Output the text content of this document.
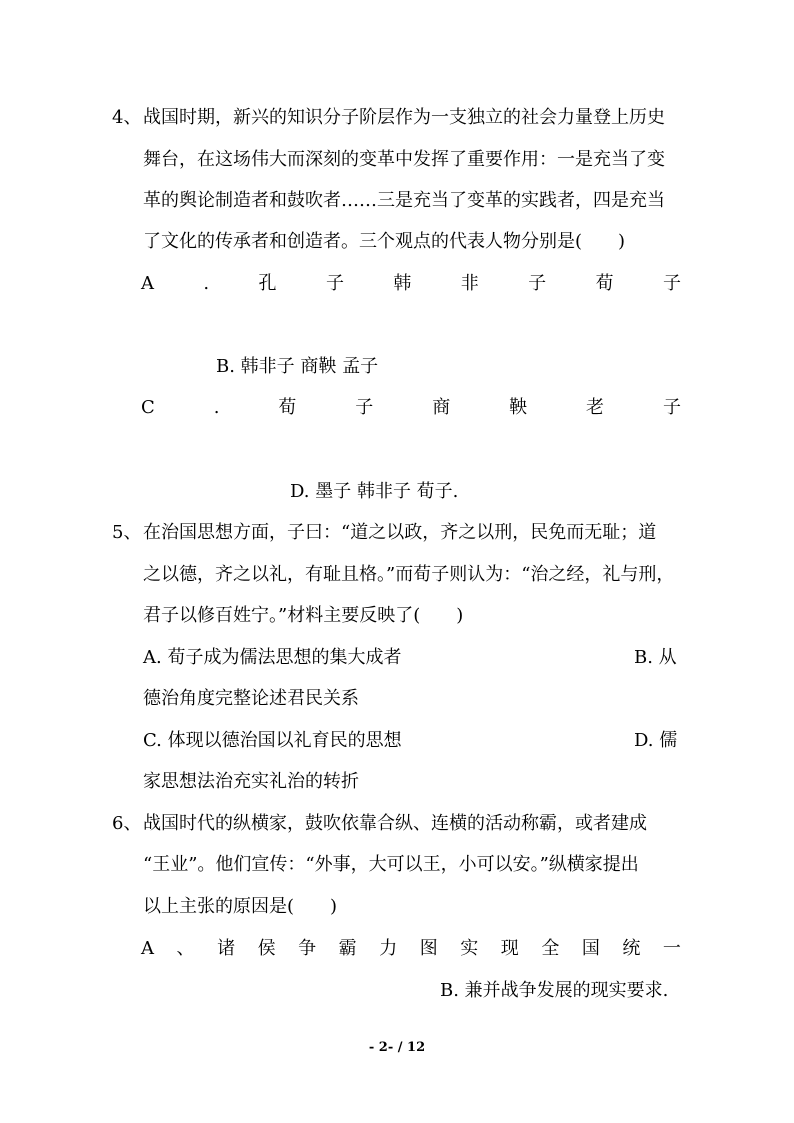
4、 战国时期，新兴的知识分子阶层作为一支独立的社会力量登上历史
舞台，在这场伟大而深刻的变革中发挥了重要作用：一是充当了变
革的舆论制造者和鼓吹者……三是充当了变革的实践者，四是充当
了文化的传承者和创造者。三个观点的代表人物分别是(　　)
A	.	孔	子	韩	非	子	荀	子
B. 韩非子 商鞅 孟子
C	.	荀	子	商	鞅	老	子
D. 墨子 韩非子 荀子.
5、 在治国思想方面，子曰：“道之以政，齐之以刑，民免而无耻；道
之以德，齐之以礼，有耻且格。”而荀子则认为：“治之经，礼与刑，
君子以修百姓宁。”材料主要反映了(　　)
A. 荀子成为儒法思想的集大成者	B. 从
德治角度完整论述君民关系
C. 体现以德治国以礼育民的思想	D. 儒
家思想法治充实礼治的转折
6、 战国时代的纵横家，鼓吹依靠合纵、连横的活动称霸，或者建成
“王业”。他们宣传：“外事，大可以王，小可以安。”纵横家提出
以上主张的原因是(　　)
A 、 诸 侯 争 霸 力 图 实 现 全 国 统 一
B. 兼并战争发展的现实要求.
- 2- / 12
